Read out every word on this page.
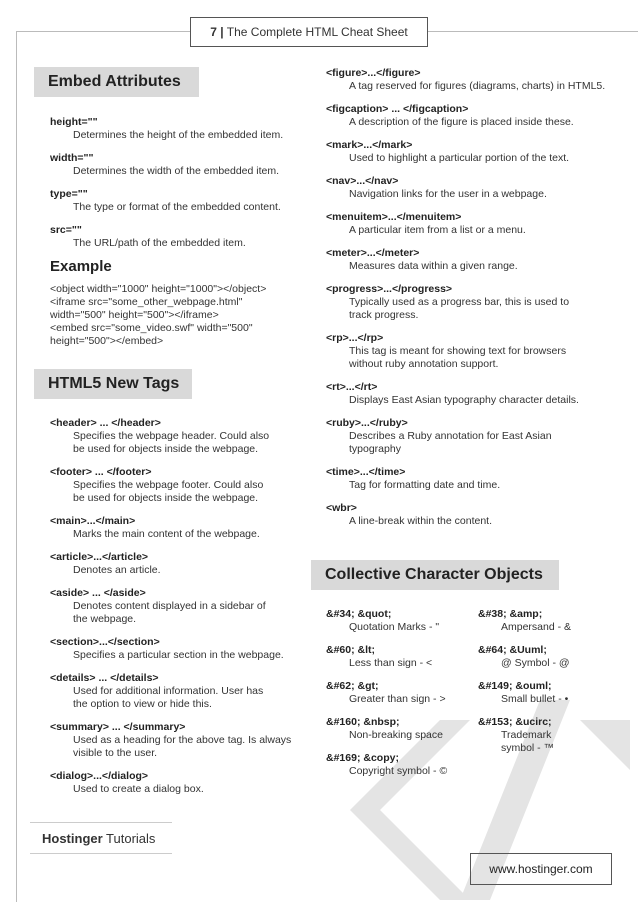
7 | The Complete HTML Cheat Sheet
Embed Attributes
height=""
Determines the height of the embedded item.
width=""
Determines the width of the embedded item.
type=""
The type or format of the embedded content.
src=""
The URL/path of the embedded item.
Example
<object width="1000" height="1000"></object>
<iframe src="some_other_webpage.html"
width="500" height="500"></iframe>
<embed src="some_video.swf" width="500"
height="500"></embed>
HTML5 New Tags
<header> ... </header>
Specifies the webpage header. Could also
be used for objects inside the webpage.
<footer> ... </footer>
Specifies the webpage footer. Could also
be used for objects inside the webpage.
<main>...</main>
Marks the main content of the webpage.
<article>...</article>
Denotes an article.
<aside> ... </aside>
Denotes content displayed in a sidebar of
the webpage.
<section>...</section>
Specifies a particular section in the webpage.
<details> ... </details>
Used for additional information. User has
the option to view or hide this.
<summary> ... </summary>
Used as a heading for the above tag. Is always
visible to the user.
<dialog>...</dialog>
Used to create a dialog box.
<figure>...</figure>
A tag reserved for figures (diagrams, charts) in HTML5.
<figcaption> ... </figcaption>
A description of the figure is placed inside these.
<mark>...</mark>
Used to highlight a particular portion of the text.
<nav>...</nav>
Navigation links for the user in a webpage.
<menuitem>...</menuitem>
A particular item from a list or a menu.
<meter>...</meter>
Measures data within a given range.
<progress>...</progress>
Typically used as a progress bar, this is used to
track progress.
<rp>...</rp>
This tag is meant for showing text for browsers
without ruby annotation support.
<rt>...</rt>
Displays East Asian typography character details.
<ruby>...</ruby>
Describes a Ruby annotation for East Asian
typography
<time>...</time>
Tag for formatting date and time.
<wbr>
A line-break within the content.
Collective Character Objects
&#34; &quot;
Quotation Marks - "
&#60; &lt;
Less than sign - <
&#62; &gt;
Greater than sign - >
&#160; &nbsp;
Non-breaking space
&#169; &copy;
Copyright symbol - ©
&#38; &amp;
Ampersand - &
&#64; &Uuml;
@ Symbol - @
&#149; &ouml;
Small bullet - •
&#153; &ucirc;
Trademark
symbol - ™
Hostinger Tutorials
www.hostinger.com
